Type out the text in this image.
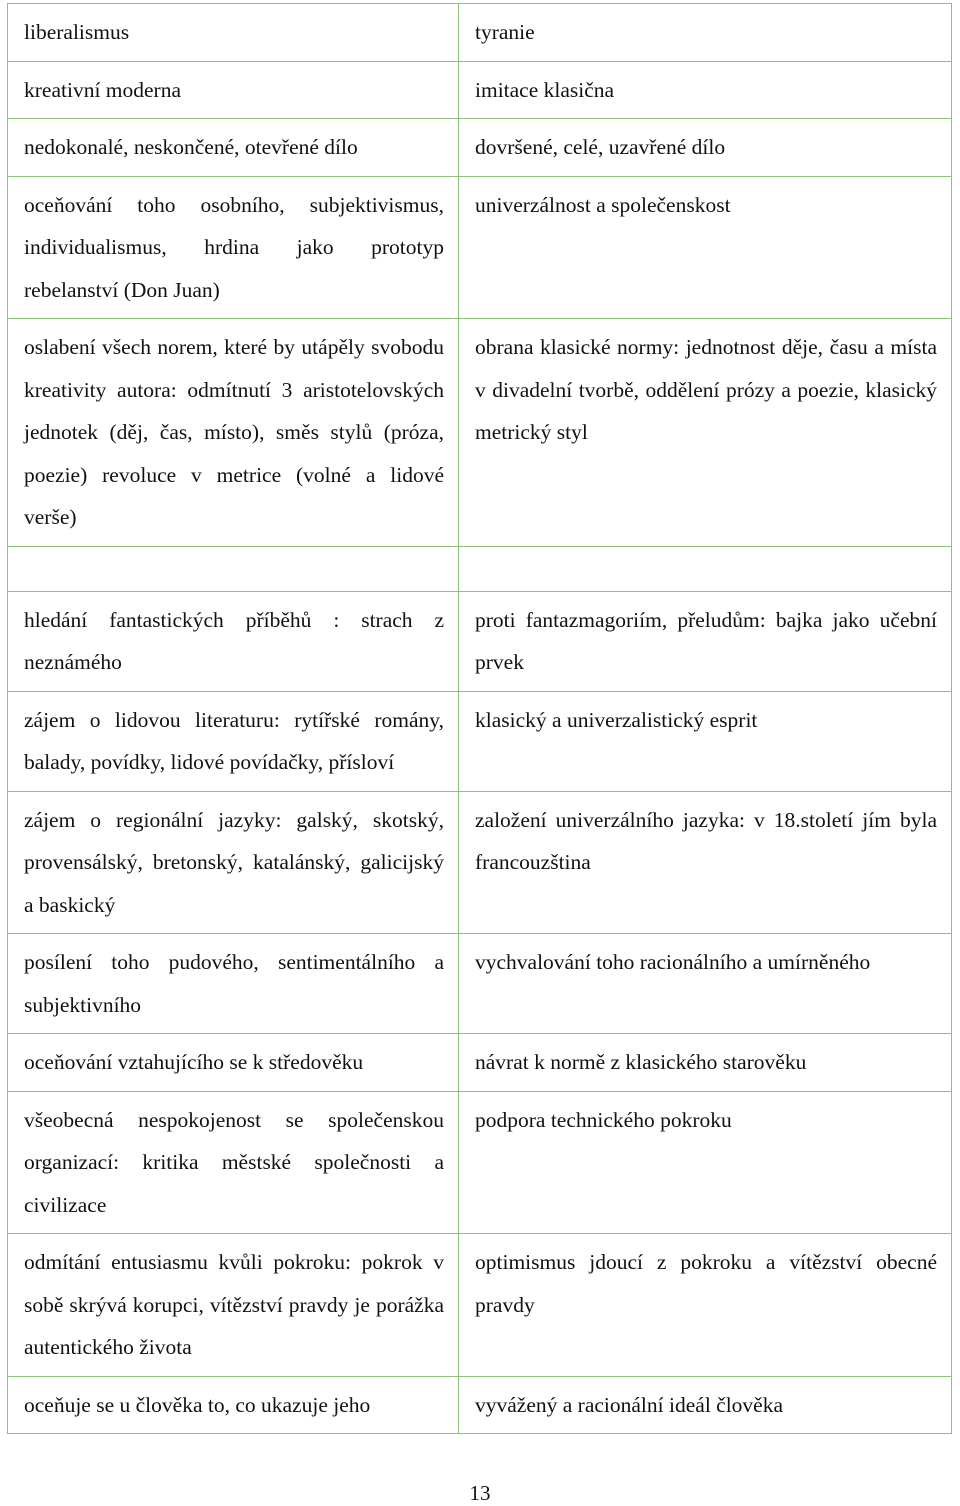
liberalismus	tyranie

kreativní moderna	imitace klasična

nedokonalé, neskončené, otevřené dílo	dovršené, celé, uzavřené dílo

oceňování toho osobního, subjektivismus, individualismus, hrdina jako prototyp rebelanství (Don Juan)	univerzálnost a společenskost

oslabení všech norem, které by utápěly svobodu kreativity autora: odmítnutí 3 aristotelovských jednotek (děj, čas, místo), směs stylů (próza, poezie) revoluce v metrice (volné a lidové verše)	obrana klasické normy: jednotnost děje, času a místa v divadelní tvorbě, oddělení prózy a poezie, klasický metrický styl

hledání fantastických příběhů : strach z neznámého	proti fantazmagoriím, přeludům: bajka jako učební prvek

zájem o lidovou literaturu: rytířské romány, balady, povídky, lidové povídačky, přísloví	klasický a univerzalistický esprit

zájem o regionální jazyky: galský, skotský, provensálský, bretonský, katalánský, galicijský a baskický	založení univerzálního jazyka: v 18.století jím byla francouzština

posílení toho pudového, sentimentálního a subjektivního	vychvalování toho racionálního a umírněného

oceňování vztahujícího se k středověku	návrat k normě z klasického starověku

všeobecná nespokojenost se společenskou organizací: kritika městské společnosti a civilizace	podpora technického pokroku

odmítání entusiasmu kvůli pokroku: pokrok v sobě skrývá korupci, vítězství pravdy je porážka autentického života	optimismus jdoucí z pokroku a vítězství obecné pravdy

oceňuje se u člověka to, co ukazuje jeho	vyvážený a racionální ideál člověka
13
